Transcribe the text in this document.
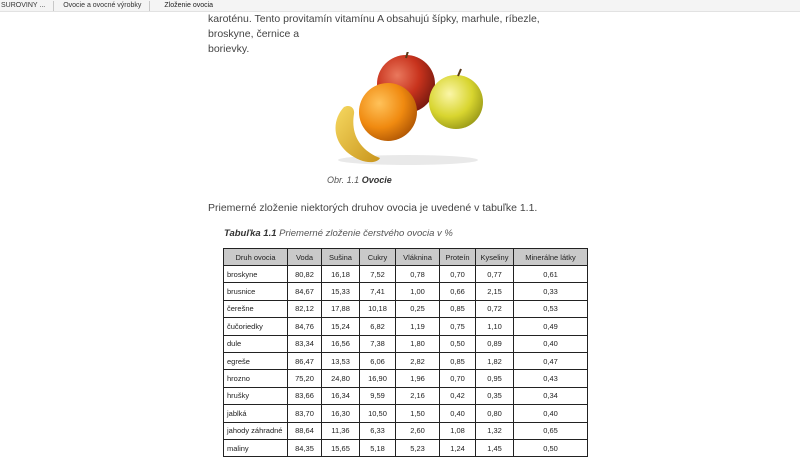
SUROVINY ...	Ovocie a ovocné výrobky	Zloženie ovocia
karoténu. Tento provitamín vitamínu A obsahujú šípky, marhule, ríbezle, broskyne, černice a
borievky.
Obr. 1.1 Ovocie
Priemerné zloženie niektorých druhov ovocia je uvedené v tabuľke 1.1.
Tabuľka 1.1 Priemerné zloženie čerstvého ovocia v %
Druh ovocia	Voda	Sušina	Cukry	Vláknina	Proteín	Kyseliny	Minerálne látky
broskyne	80,82	16,18	7,52	0,78	0,70	0,77	0,61
brusnice	84,67	15,33	7,41	1,00	0,66	2,15	0,33
čerešne	82,12	17,88	10,18	0,25	0,85	0,72	0,53
čučoriedky	84,76	15,24	6,82	1,19	0,75	1,10	0,49
dule	83,34	16,56	7,38	1,80	0,50	0,89	0,40
egreše	86,47	13,53	6,06	2,82	0,85	1,82	0,47
hrozno	75,20	24,80	16,90	1,96	0,70	0,95	0,43
hrušky	83,66	16,34	9,59	2,16	0,42	0,35	0,34
jablká	83,70	16,30	10,50	1,50	0,40	0,80	0,40
jahody záhradné	88,64	11,36	6,33	2,60	1,08	1,32	0,65
maliny	84,35	15,65	5,18	5,23	1,24	1,45	0,50
